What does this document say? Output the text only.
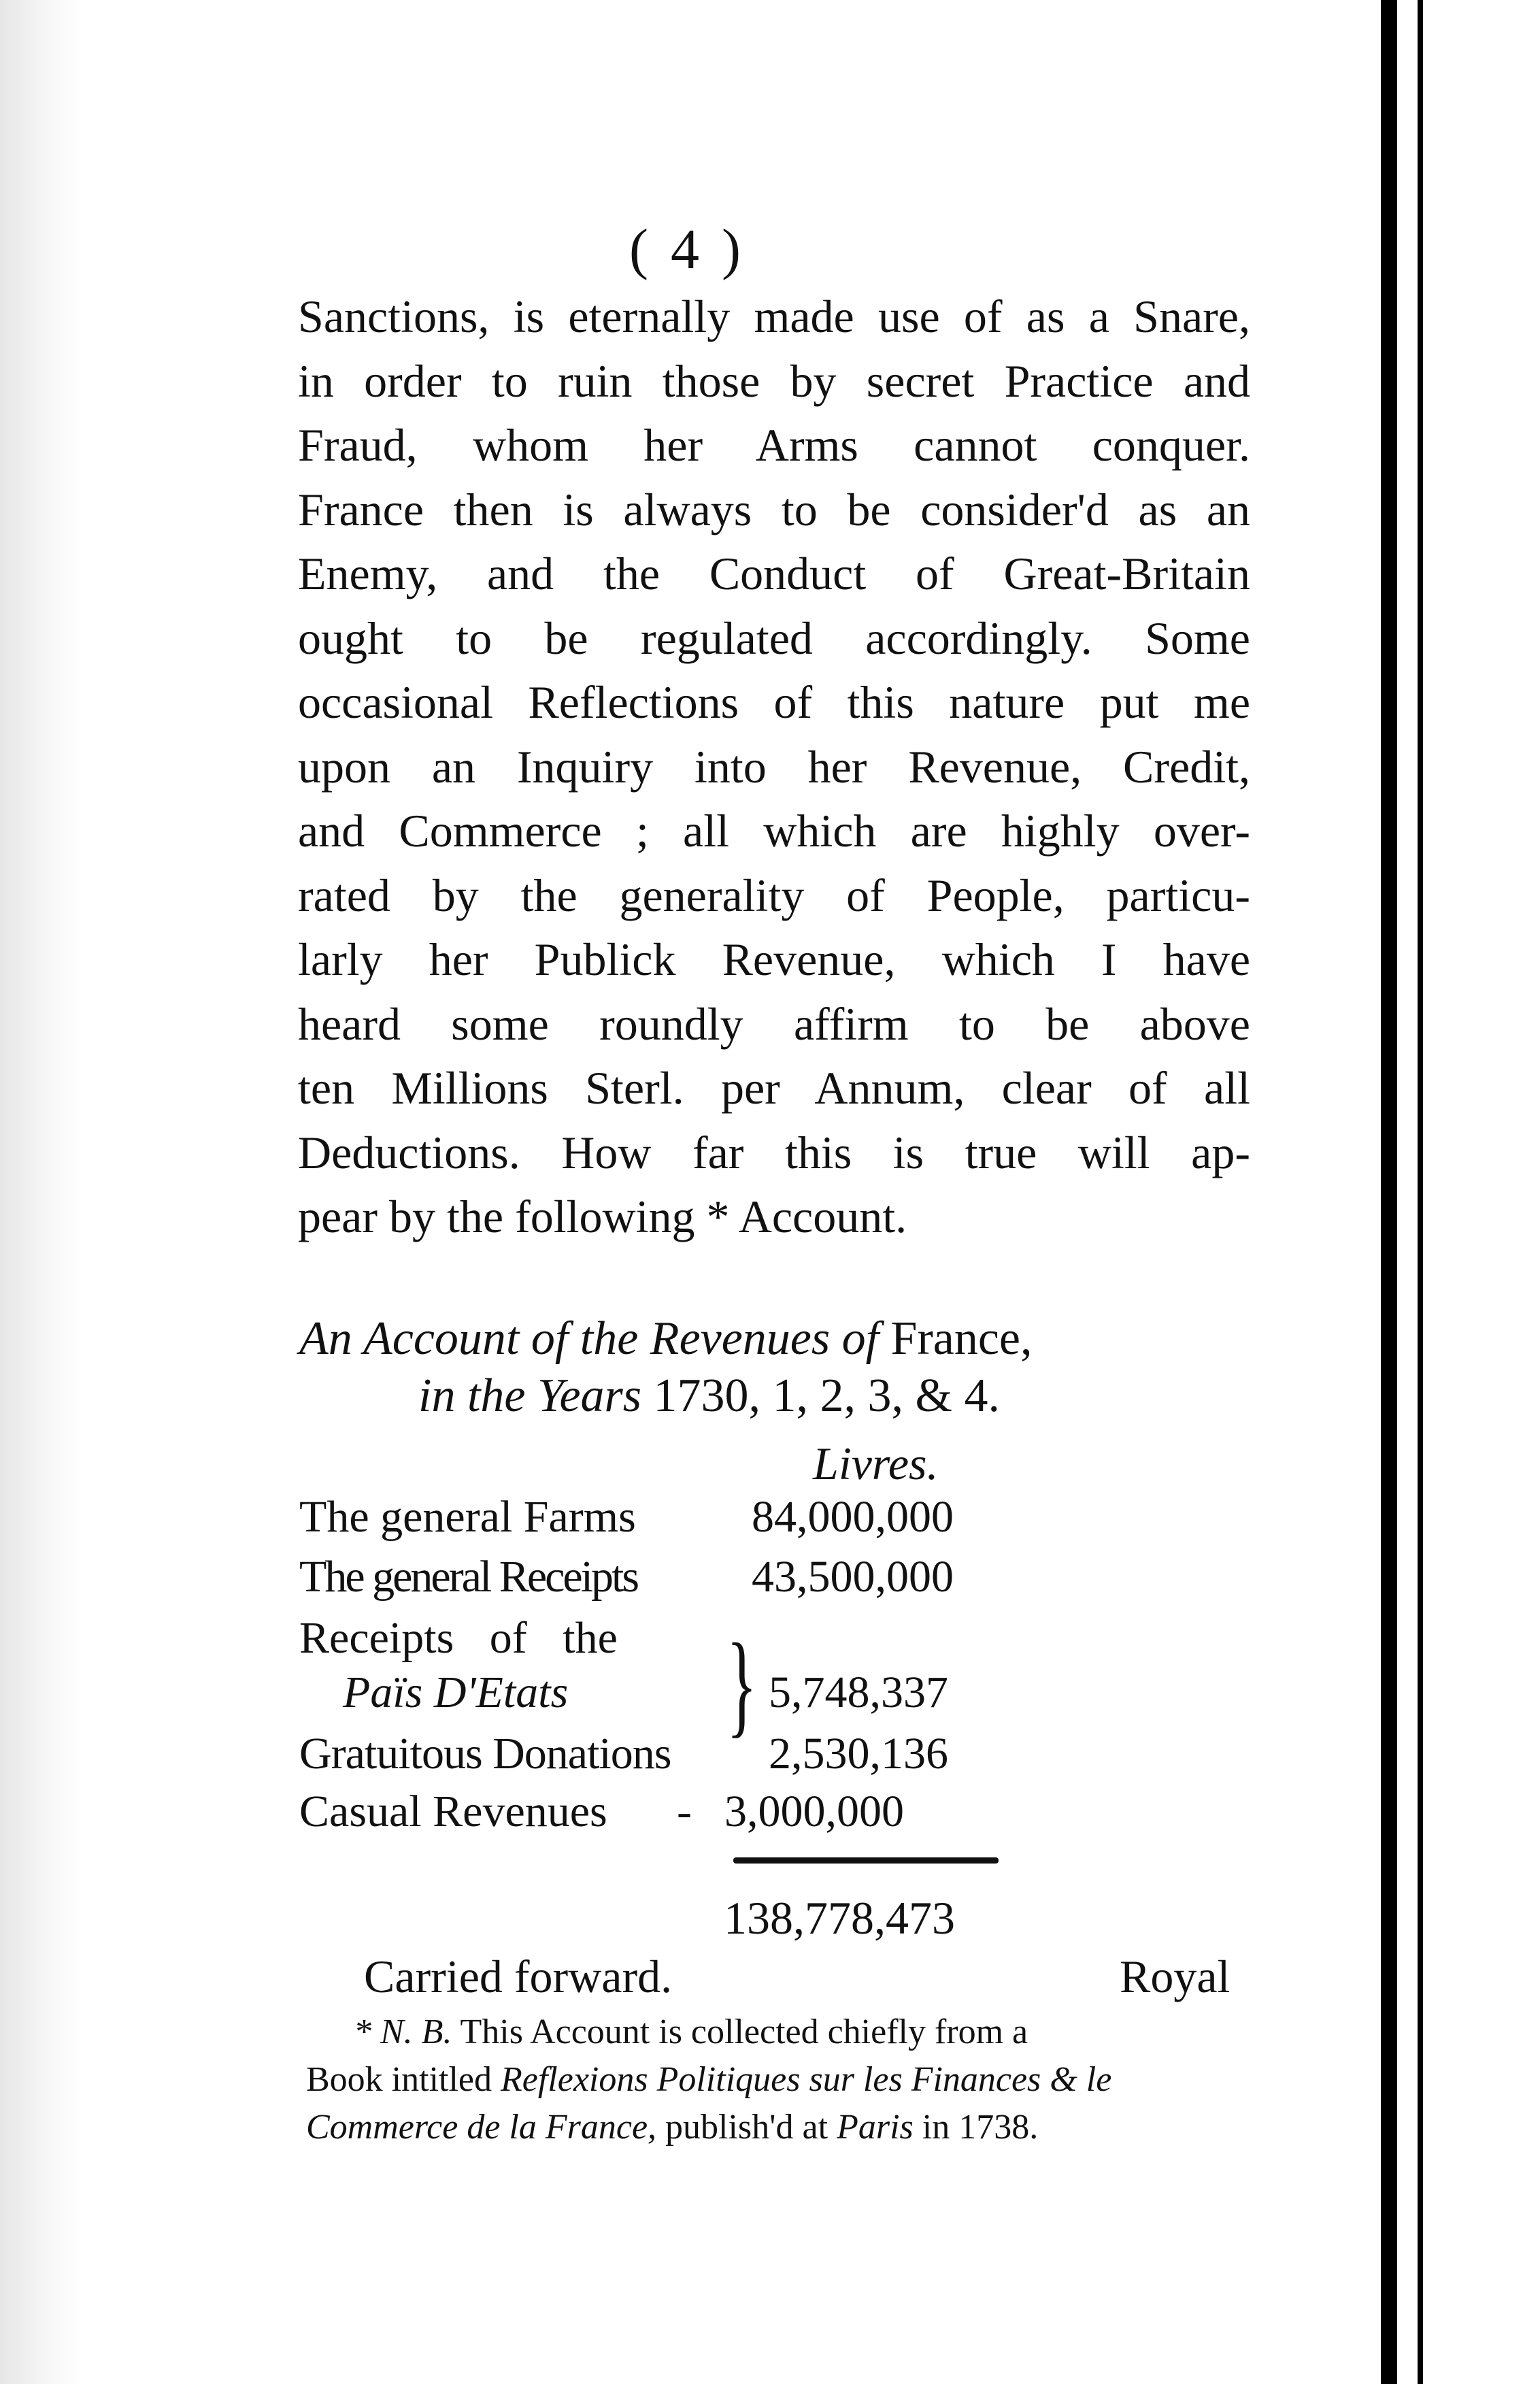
( 4 )
Sanctions, is eternally made use of as a Snare,
in order to ruin those by secret Practice and
Fraud, whom her Arms cannot conquer.
France then is always to be consider'd as an
Enemy, and the Conduct of Great-Britain
ought to be regulated accordingly. Some
occasional Reflections of this nature put me
upon an Inquiry into her Revenue, Credit,
and Commerce ; all which are highly over-
rated by the generality of People, particu-
larly her Publick Revenue, which I have
heard some roundly affirm to be above
ten Millions Sterl. per Annum, clear of all
Deductions. How far this is true will ap-
pear by the following * Account.
An Account of the Revenues of France,
in the Years 1730, 1, 2, 3, & 4.
Livres.
The general Farms	84,000,000
The general Receipts	43,500,000
Receipts of the
Païs D'Etats	5,748,337
}
Gratuitous Donations 2,530,136
Casual Revenues - 3,000,000
138,778,473
Carried forward.	Royal
* N. B. This Account is collected chiefly from a
Book intitled Reflexions Politiques sur les Finances & le
Commerce de la France, publish'd at Paris in 1738.
